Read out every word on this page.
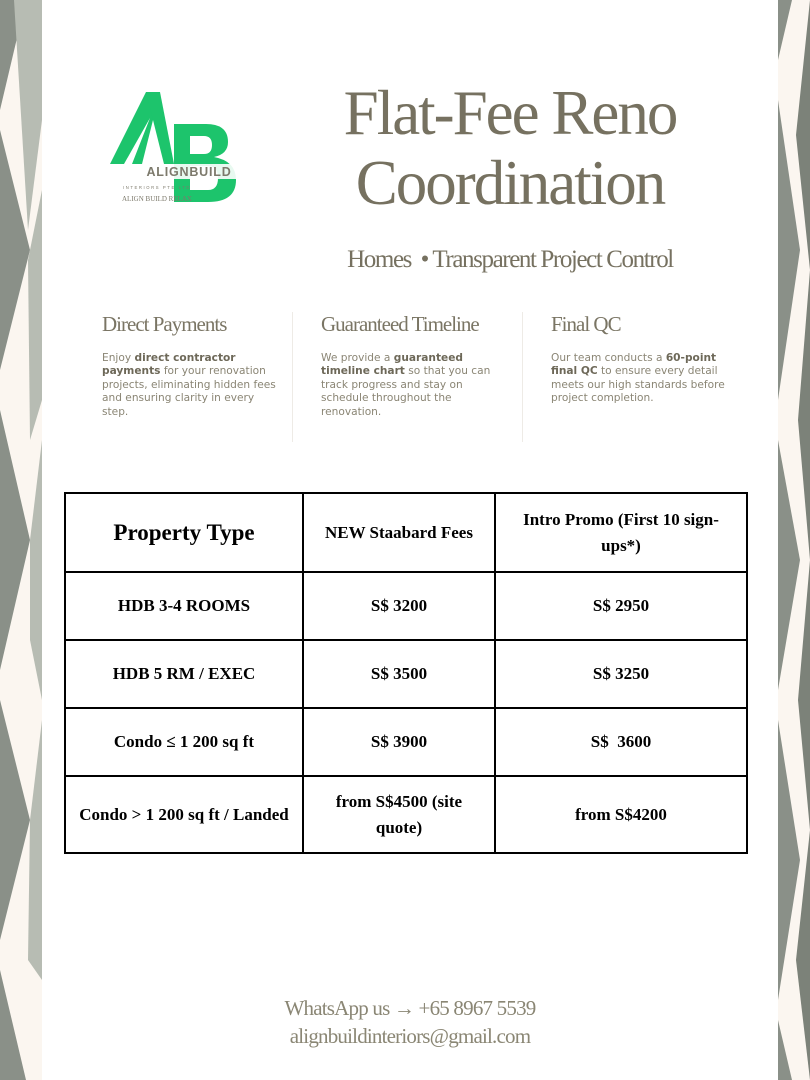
ALIGNBUILD
INTERIORS PTE LTD
ALIGN BUILD RELAX
Flat-Fee Reno
Coordination
Homes  • Transparent Project Control
Direct Payments

Enjoy direct contractor payments for your renovation projects, eliminating hidden fees and ensuring clarity in every step.

Guaranteed Timeline

We provide a guaranteed timeline chart so that you can track progress and stay on schedule throughout the renovation.

Final QC

Our team conducts a 60-point final QC to ensure every detail meets our high standards before project completion.

Property Type	NEW Staabard Fees	Intro Promo (First 10 sign-ups*)
HDB 3-4 ROOMS	S$ 3200	S$ 2950
HDB 5 RM / EXEC	S$ 3500	S$ 3250
Condo ≤ 1 200 sq ft	S$ 3900	S$  3600
Condo > 1 200 sq ft / Landed	from S$4500 (site quote)	from S$4200
WhatsApp us → +65 8967 5539
alignbuildinteriors@gmail.com
